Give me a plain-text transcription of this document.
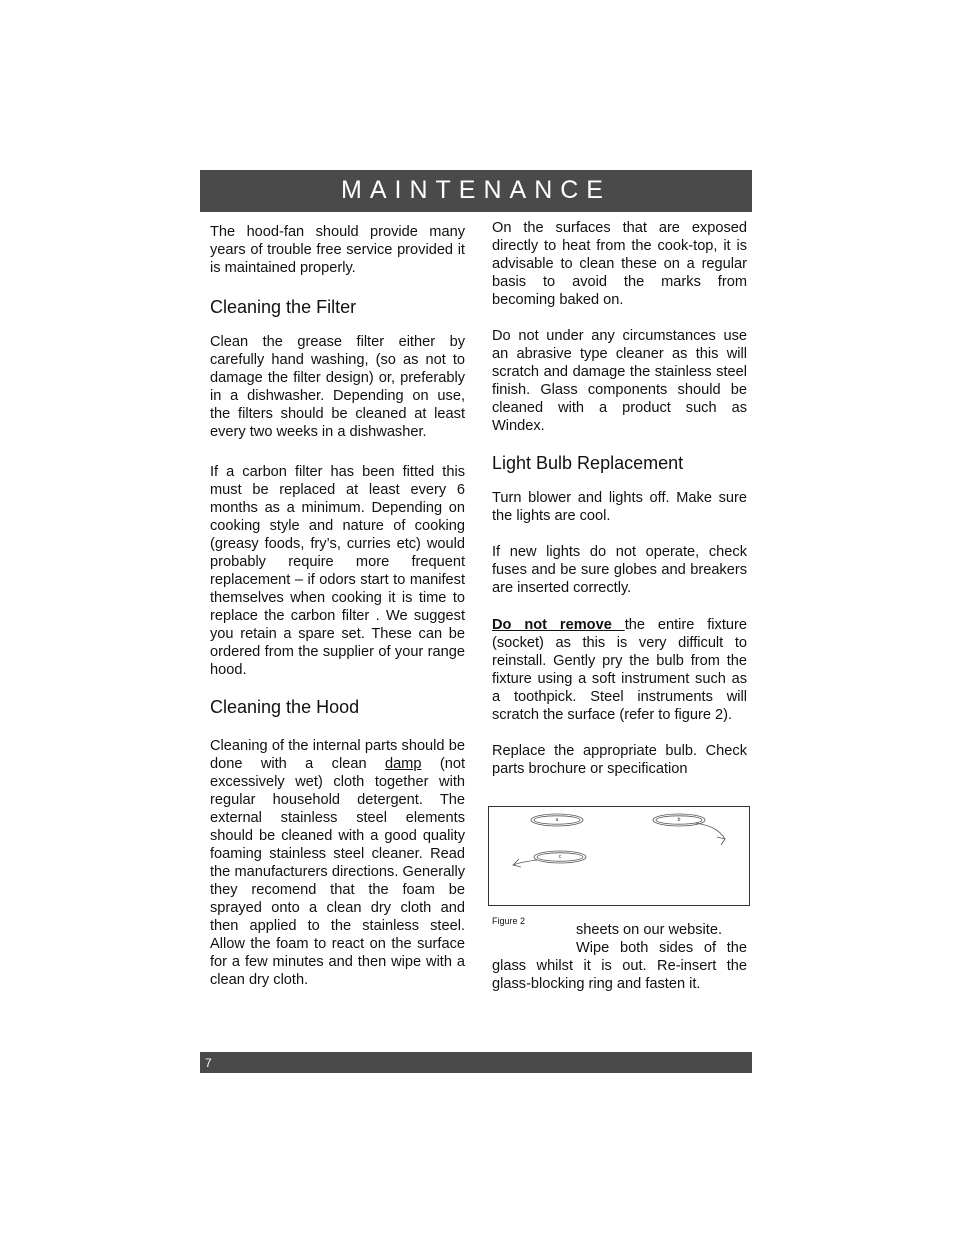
MAINTENANCE

The hood-fan should provide many years of trouble free service provided it is maintained properly.

Cleaning the Filter

Clean the grease filter either by carefully hand washing, (so as not to damage the filter design) or, preferably in a dishwasher. Depending on use, the filters should be cleaned at least every two weeks in a dishwasher.

If a carbon filter has been fitted this must be replaced at least every 6 months as a minimum. Depending on cooking style and nature of cooking (greasy foods, fry’s, curries etc) would probably require more frequent replacement – if odors start to manifest themselves when cooking it is time to replace the carbon filter . We suggest you retain a spare set. These can be ordered from the supplier of your range hood.

Cleaning the Hood

Cleaning of the internal parts should be done with a clean damp (not excessively wet) cloth together with regular household detergent. The external stainless steel elements should be cleaned with a good quality foaming stainless steel cleaner. Read the manufacturers directions. Generally they recomend that the foam be sprayed onto a clean dry cloth and then applied to the stainless steel. Allow the foam to react on the surface for a few minutes and then wipe with a clean dry cloth.

On the surfaces that are exposed directly to heat from the cook-top, it is advisable to clean these on a regular basis to avoid the marks from becoming baked on.

Do not under any circumstances use an abrasive type cleaner as this will scratch and damage the stainless steel finish. Glass components should be cleaned with a product such as Windex.

Light Bulb Replacement

Turn blower and lights off. Make sure the lights are cool.

If new lights do not operate, check fuses and be sure globes and breakers are inserted correctly.

Do not remove the entire fixture (socket) as this is very difficult to reinstall. Gently pry the bulb from the fixture using a soft instrument such as a toothpick. Steel instruments will scratch the surface (refer to figure 2).

Replace the appropriate bulb. Check parts brochure or specification

a	b
c
Figure 2

sheets on our website.

Wipe both sides of the glass whilst it is out. Re-insert the glass-blocking ring and fasten it.

7
